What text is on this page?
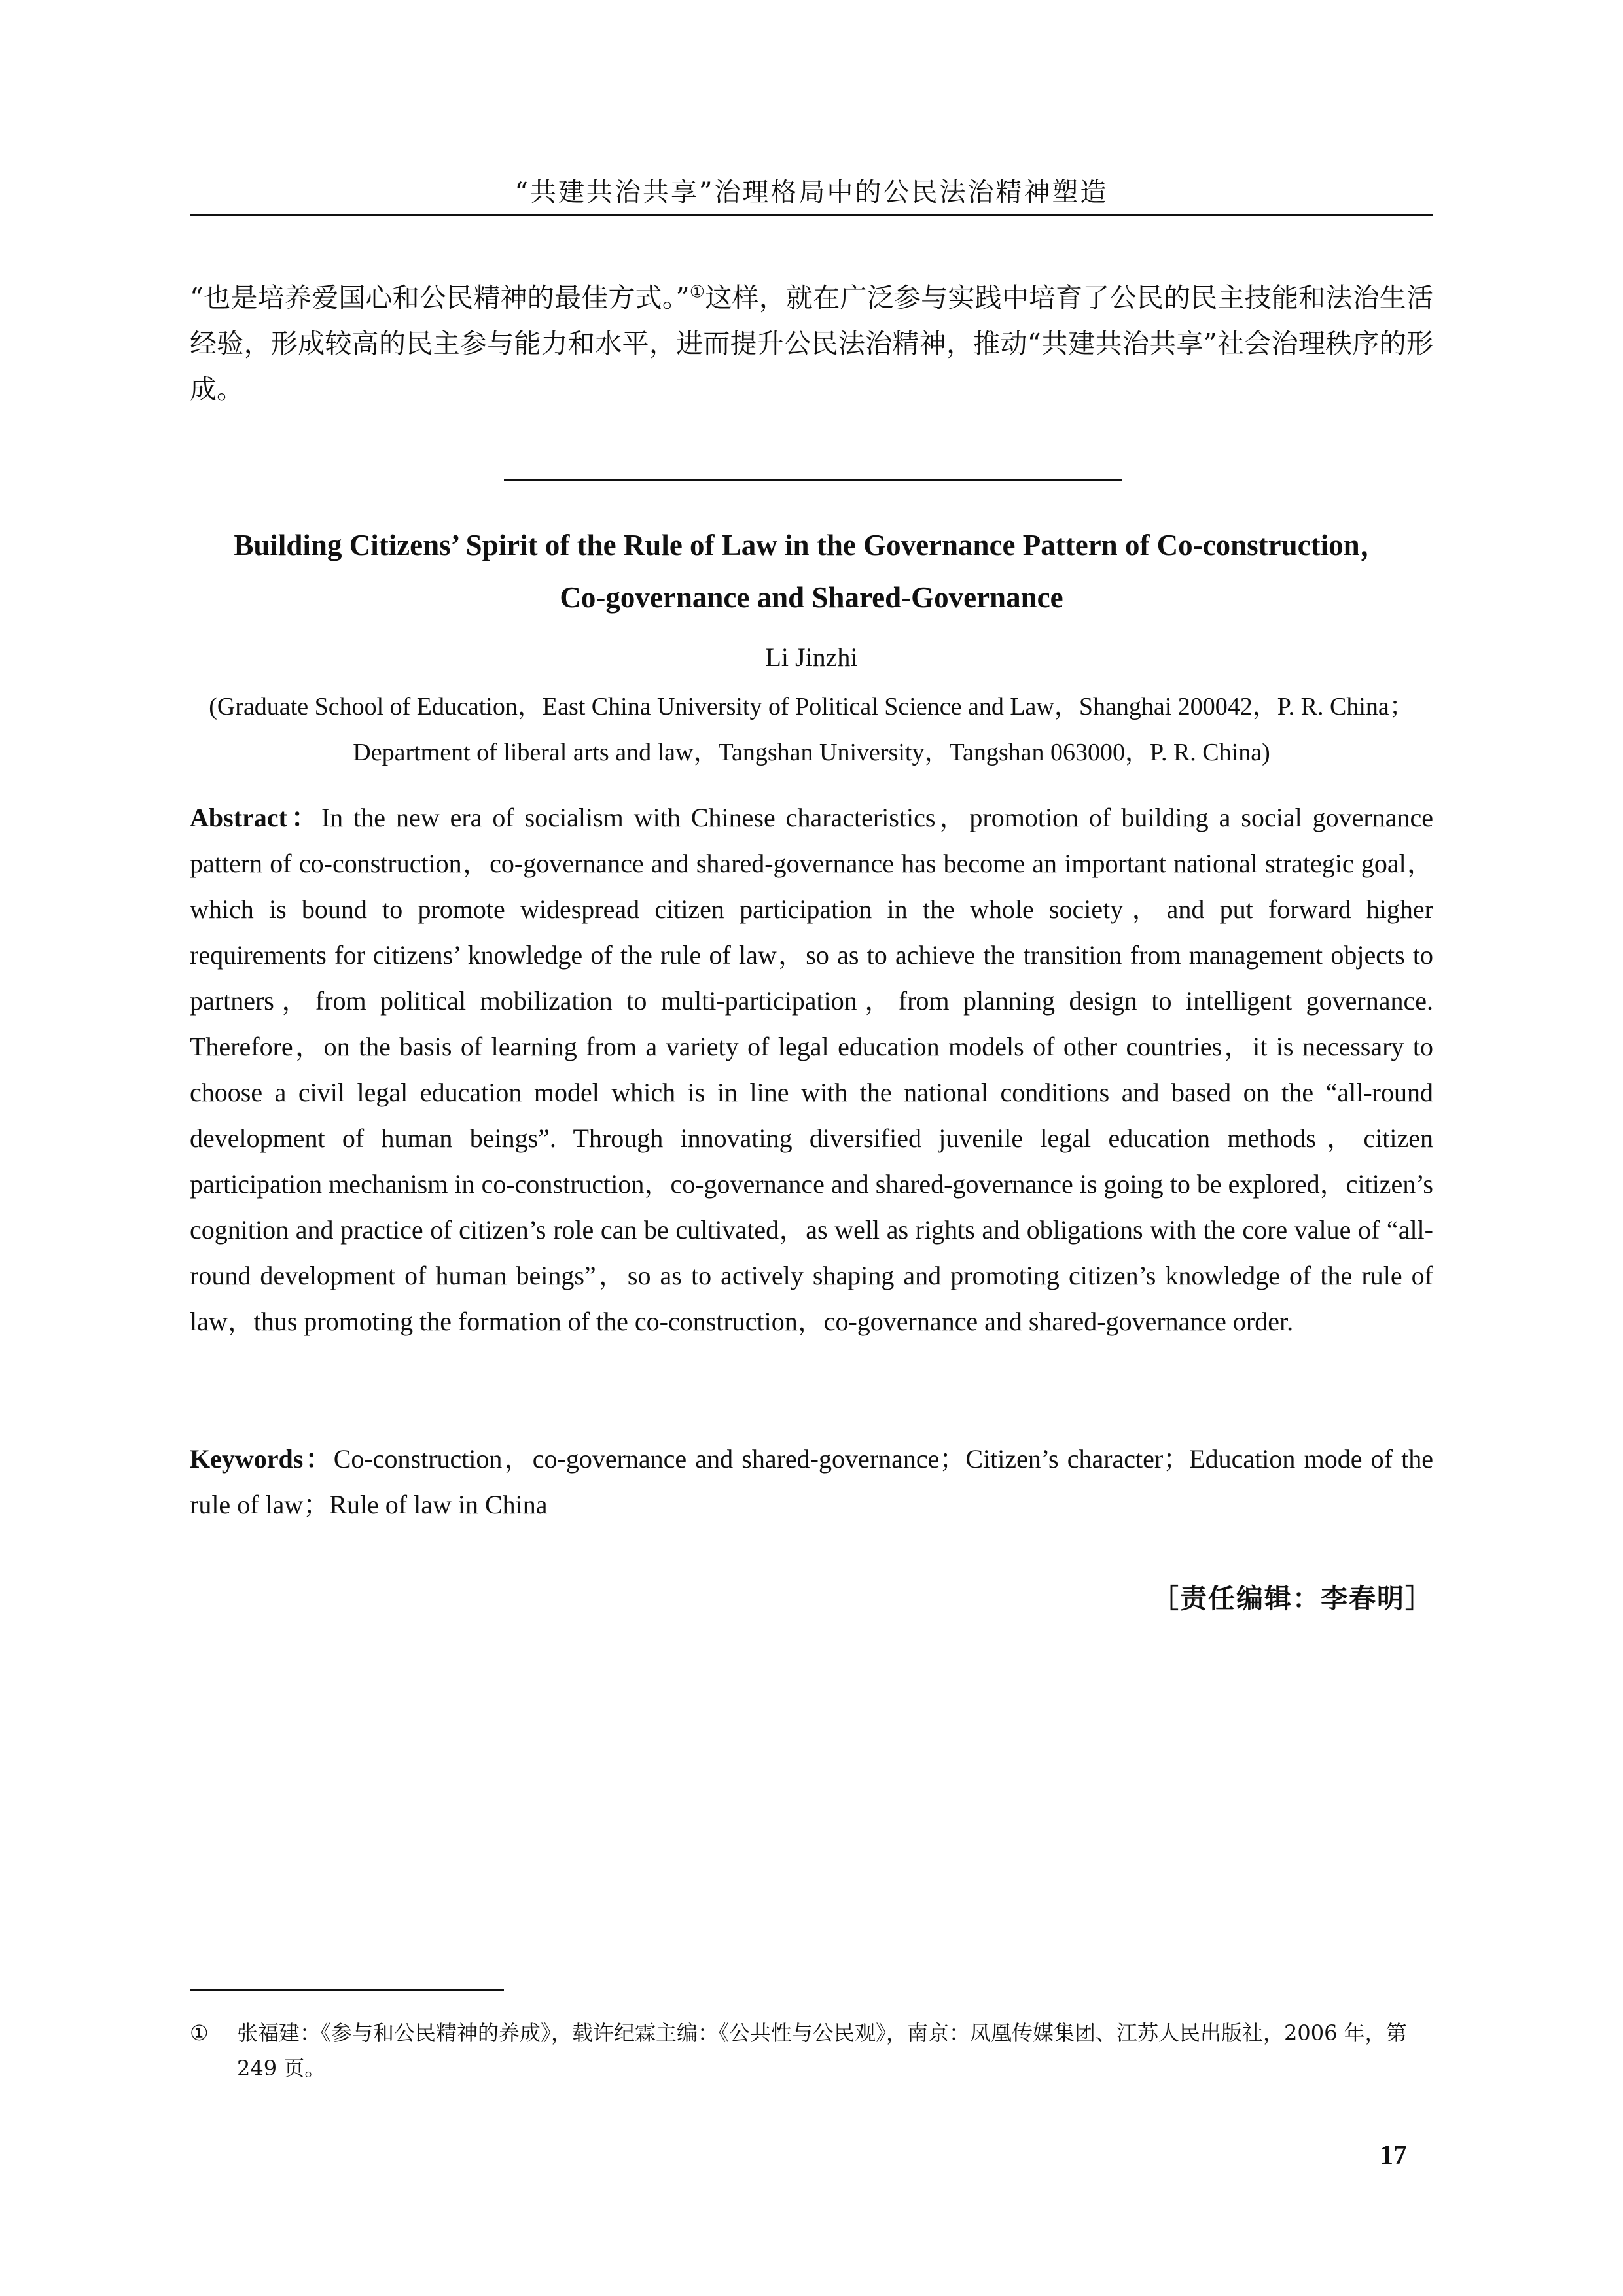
“共建共治共享”治理格局中的公民法治精神塑造

“也是培养爱国心和公民精神的最佳方式。”①这样，就在广泛参与实践中培育了公民的民主技能和法治生活经验，形成较高的民主参与能力和水平，进而提升公民法治精神，推动“共建共治共享”社会治理秩序的形成。

Building Citizens’ Spirit of the Rule of Law in the Governance Pattern of Co-construction，
Co-governance and Shared-Governance
Li Jinzhi
(Graduate School of Education，East China University of Political Science and Law，Shanghai 200042，P. R. China；
Department of liberal arts and law，Tangshan University，Tangshan 063000，P. R. China)

Abstract：In the new era of socialism with Chinese characteristics，promotion of building a social governance pattern of co-construction，co-governance and shared-governance has become an important national strategic goal，which is bound to promote widespread citizen participation in the whole society，and put forward higher requirements for citizens’ knowledge of the rule of law，so as to achieve the transition from management objects to partners，from political mobilization to multi-participation，from planning design to intelligent governance. Therefore，on the basis of learning from a variety of legal education models of other countries，it is necessary to choose a civil legal education model which is in line with the national conditions and based on the “all-round development of human beings”. Through innovating diversified juvenile legal education methods，citizen participation mechanism in co-construction，co-governance and shared-governance is going to be explored，citizen’s cognition and practice of citizen’s role can be cultivated，as well as rights and obligations with the core value of “all-round development of human beings”，so as to actively shaping and promoting citizen’s knowledge of the rule of law，thus promoting the formation of the co-construction，co-governance and shared-governance order.

Keywords：Co-construction，co-governance and shared-governance；Citizen’s character；Education mode of the rule of law；Rule of law in China

［责任编辑：李春明］
① 张福建：《参与和公民精神的养成》，载许纪霖主编：《公共性与公民观》，南京：凤凰传媒集团、江苏人民出版社，2006 年，第 249 页。
17
